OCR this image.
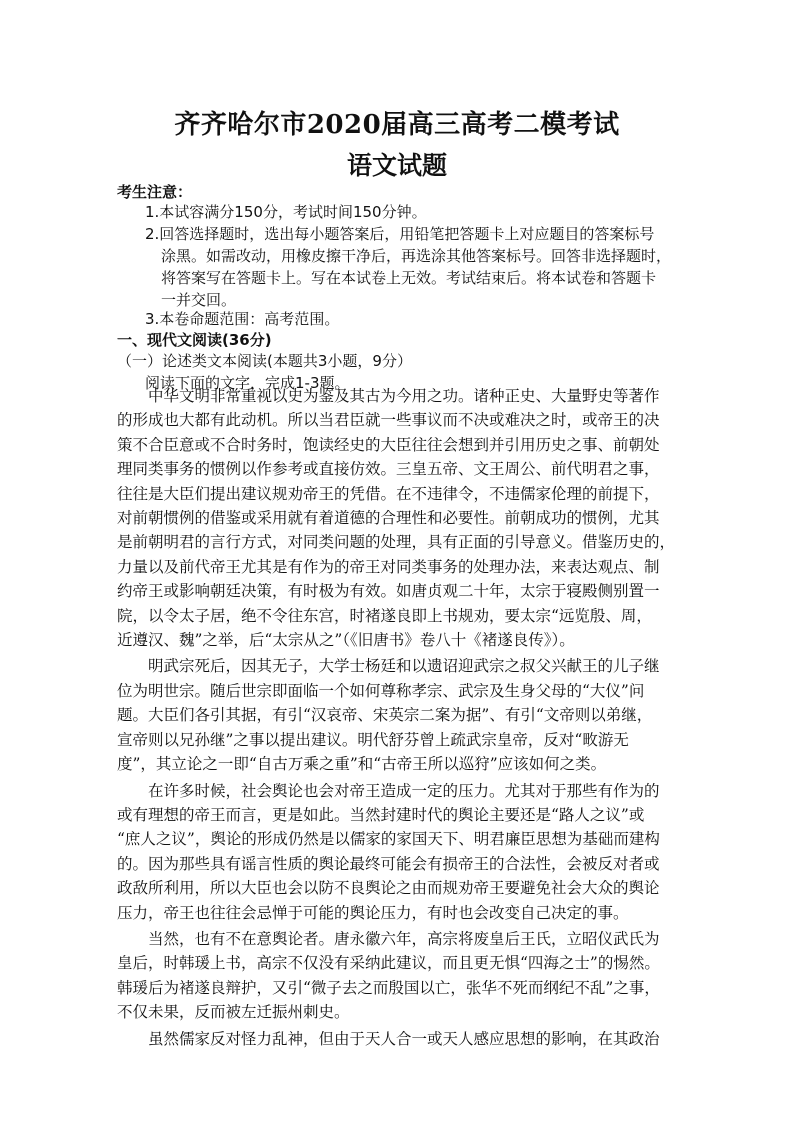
齐齐哈尔市2020届高三高考二模考试
语文试题
考生注意：
1.本试容满分150分，考试时间150分钟。
2.回答选择题时，选出每小题答案后，用铅笔把答题卡上对应题目的答案标号
涂黑。如需改动，用橡皮擦干净后，再选涂其他答案标号。回答非选择题时，
将答案写在答题卡上。写在本试卷上无效。考试结束后。将本试卷和答题卡
一并交回。
3.本卷命题范围：高考范围。
一、现代文阅读(36分)
（一）论述类文本阅读(本题共3小题，9分）
阅读下面的文字，完成1-3题。

中华文明非常重视以史为鉴及其古为今用之功。诸种正史、大量野史等著作
的形成也大都有此动机。所以当君臣就一些事议而不决或难决之时，或帝王的决
策不合臣意或不合时务时，饱读经史的大臣往往会想到并引用历史之事、前朝处
理同类事务的惯例以作参考或直接仿效。三皇五帝、文王周公、前代明君之事，
往往是大臣们提出建议规劝帝王的凭借。在不违律令，不违儒家伦理的前提下，
对前朝惯例的借鉴或采用就有着道德的合理性和必要性。前朝成功的惯例，尤其
是前朝明君的言行方式，对同类问题的处理，具有正面的引导意义。借鉴历史的，
力量以及前代帝王尤其是有作为的帝王对同类事务的处理办法，来表达观点、制
约帝王或影响朝廷决策，有时极为有效。如唐贞观二十年，太宗于寝殿侧别置一
院，以令太子居，绝不令往东宫，时褚遂良即上书规劝，要太宗“远览殷、周，
近遵汉、魏”之举，后“太宗从之”（《旧唐书》卷八十《褚遂良传》）。

明武宗死后，因其无子，大学士杨廷和以遗诏迎武宗之叔父兴献王的儿子继
位为明世宗。随后世宗即面临一个如何尊称孝宗、武宗及生身父母的“大仪”问
题。大臣们各引其据，有引“汉哀帝、宋英宗二案为据”、有引“文帝则以弟继，
宣帝则以兄孙继”之事以提出建议。明代舒芬曾上疏武宗皇帝，反对“畋游无
度”，其立论之一即“自古万乘之重”和“古帝王所以巡狩”应该如何之类。

在许多时候，社会舆论也会对帝王造成一定的压力。尤其对于那些有作为的
或有理想的帝王而言，更是如此。当然封建时代的舆论主要还是“路人之议”或
“庶人之议”，舆论的形成仍然是以儒家的家国天下、明君廉臣思想为基础而建构
的。因为那些具有谣言性质的舆论最终可能会有损帝王的合法性，会被反对者或
政敌所利用，所以大臣也会以防不良舆论之由而规劝帝王要避免社会大众的舆论
压力，帝王也往往会忌惮于可能的舆论压力，有时也会改变自己决定的事。

当然，也有不在意舆论者。唐永徽六年，高宗将废皇后王氏，立昭仪武氏为
皇后，时韩瑗上书，高宗不仅没有采纳此建议，而且更无惧“四海之士”的惕然。
韩瑗后为褚遂良辩护，又引“微子去之而殷国以亡，张华不死而纲纪不乱”之事，
不仅未果，反而被左迁振州刺史。

虽然儒家反对怪力乱神，但由于天人合一或天人感应思想的影响，在其政治
